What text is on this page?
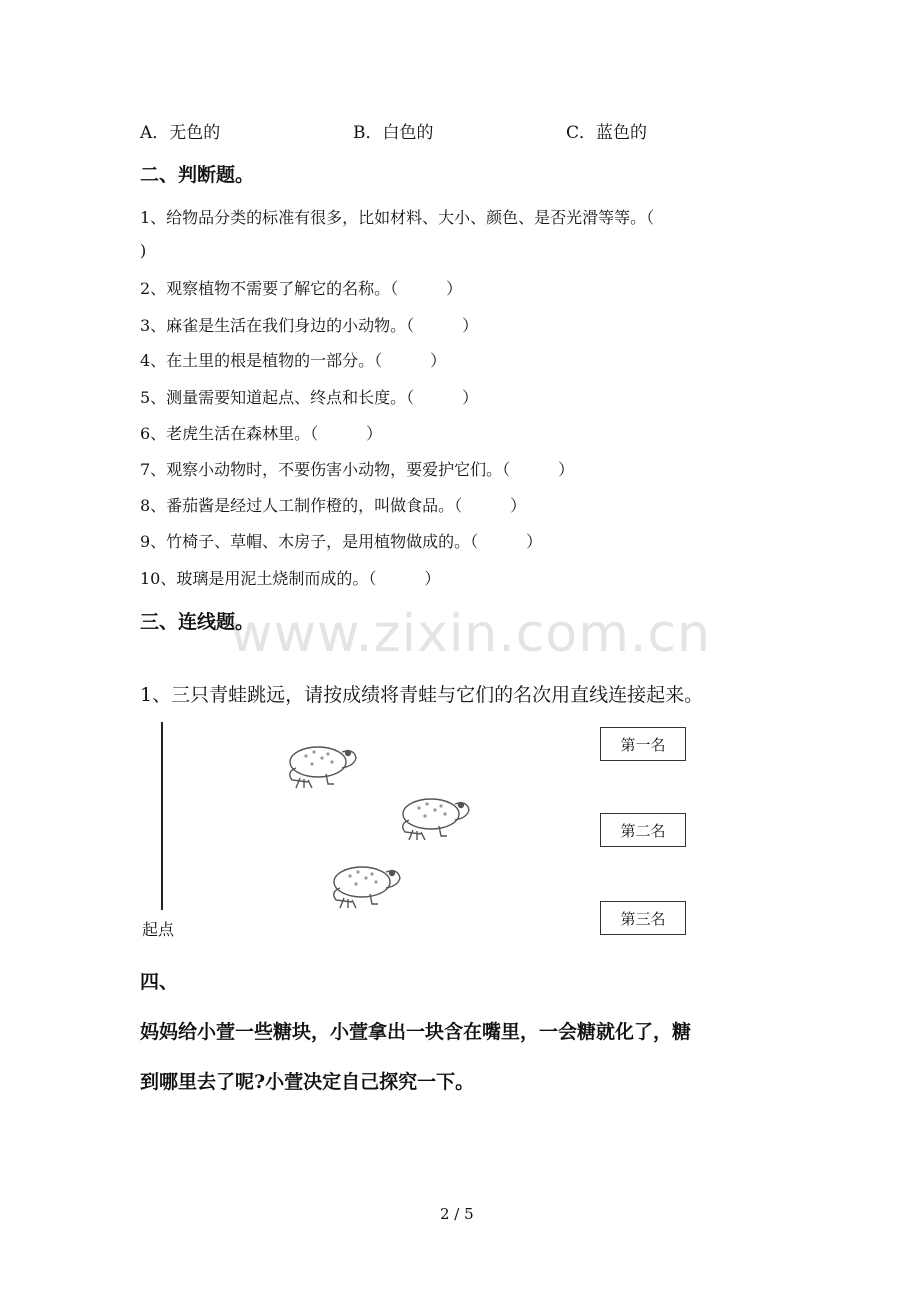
www.zixin.com.cn
A．无色的	B．白色的	C．蓝色的
二、判断题。
1、给物品分类的标准有很多，比如材料、大小、颜色、是否光滑等等。（
)
2、观察植物不需要了解它的名称。（　　　）
3、麻雀是生活在我们身边的小动物。（　　　）
4、在土里的根是植物的一部分。（　　　）
5、测量需要知道起点、终点和长度。（　　　）
6、老虎生活在森林里。（　　　）
7、观察小动物时，不要伤害小动物，要爱护它们。（　　　）
8、番茄酱是经过人工制作橙的，叫做食品。（　　　）
9、竹椅子、草帽、木房子，是用植物做成的。（　　　）
10、玻璃是用泥土烧制而成的。（　　　）
三、连线题。
1、三只青蛙跳远，请按成绩将青蛙与它们的名次用直线连接起来。
起点
第一名
第二名
第三名
四、
妈妈给小萱一些糖块，小萱拿出一块含在嘴里，一会糖就化了，糖
到哪里去了呢?小萱决定自己探究一下。
2 / 5
